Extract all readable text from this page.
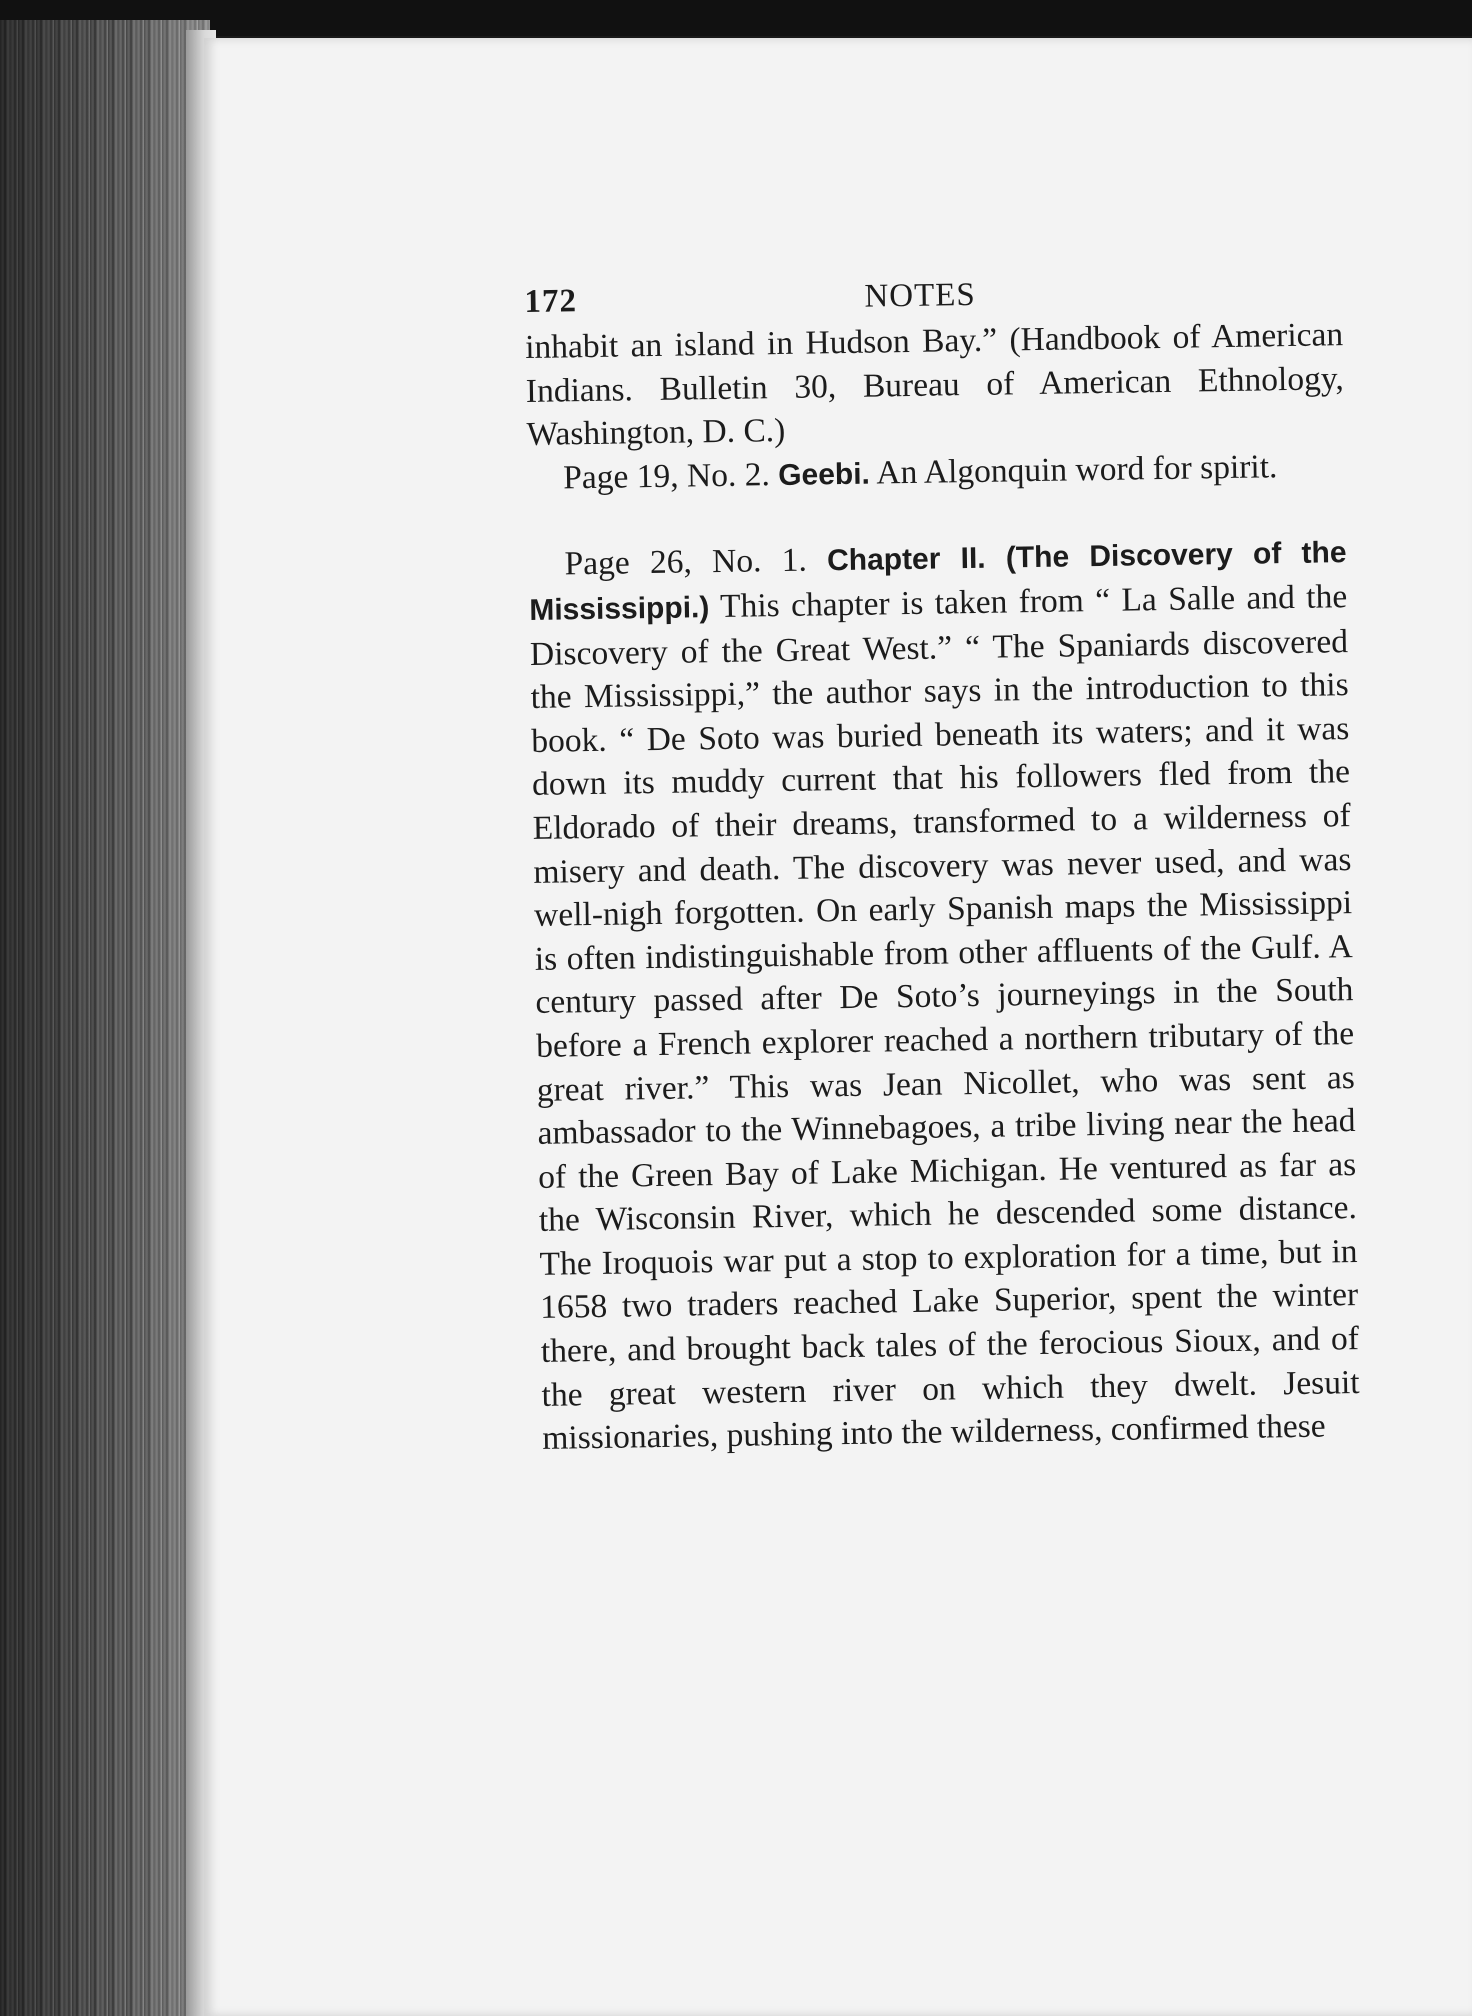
172	NOTES

inhabit an island in Hudson Bay.” (Handbook of American Indians. Bulletin 30, Bureau of American Ethnology, Washington, D. C.)

Page 19, No. 2. Geebi. An Algonquin word for spirit.

Page 26, No. 1. Chapter II. (The Discovery of the Mississippi.) This chapter is taken from “ La Salle and the Discovery of the Great West.” “ The Spaniards discovered the Mississippi,” the author says in the introduction to this book. “ De Soto was buried beneath its waters; and it was down its muddy current that his followers fled from the Eldorado of their dreams, transformed to a wilderness of misery and death. The discovery was never used, and was well-nigh forgotten. On early Spanish maps the Mississippi is often indistinguishable from other affluents of the Gulf. A century passed after De Soto’s journeyings in the South before a French explorer reached a northern tributary of the great river.” This was Jean Nicollet, who was sent as ambassador to the Winnebagoes, a tribe living near the head of the Green Bay of Lake Michigan. He ventured as far as the Wisconsin River, which he descended some distance. The Iroquois war put a stop to exploration for a time, but in 1658 two traders reached Lake Superior, spent the winter there, and brought back tales of the ferocious Sioux, and of the great western river on which they dwelt. Jesuit missionaries, pushing into the wilderness, confirmed these
